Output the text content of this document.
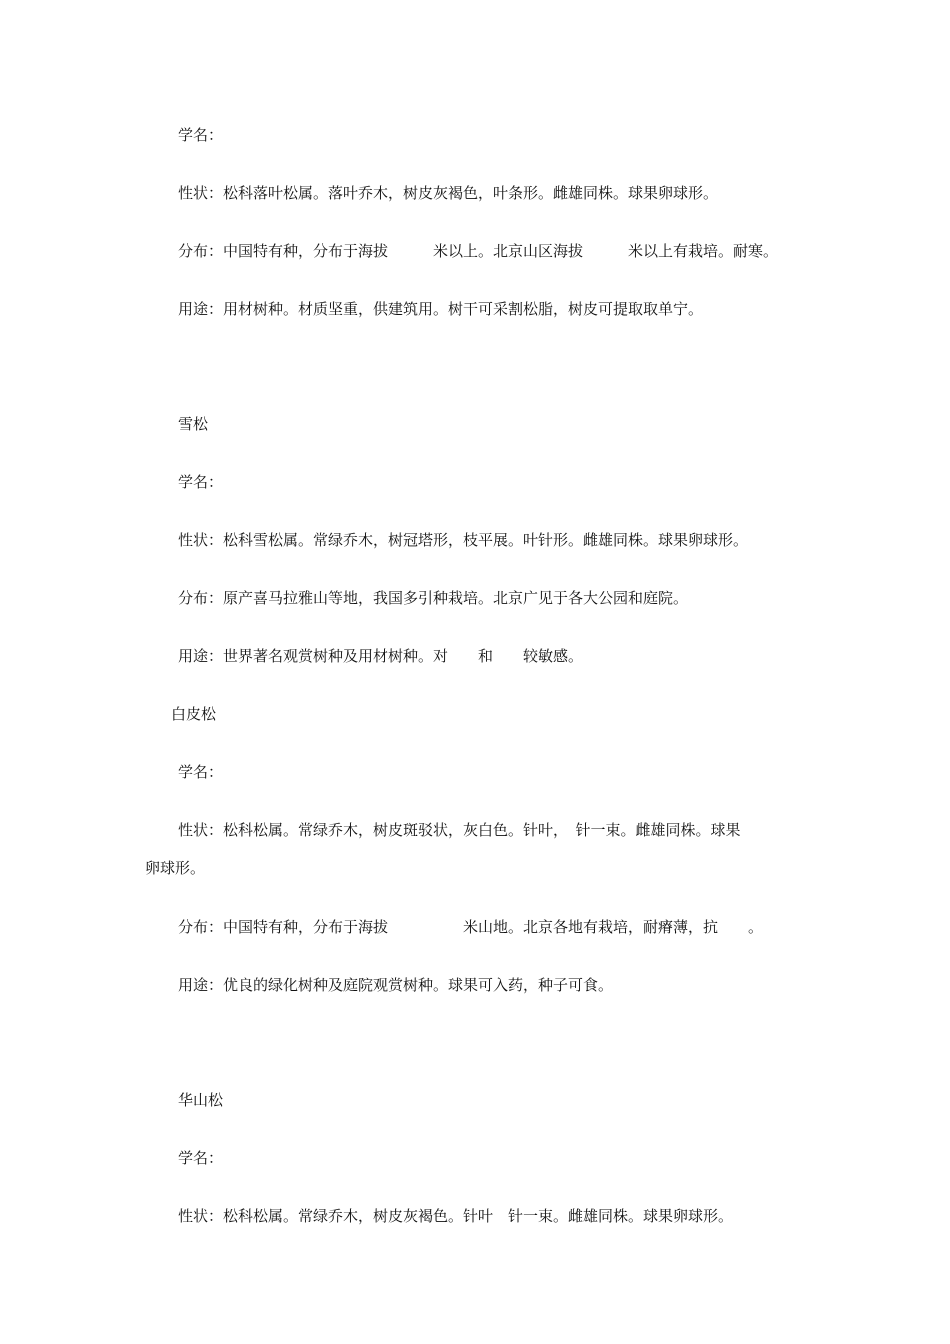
学名：
性状：松科落叶松属。落叶乔木，树皮灰褐色，叶条形。雌雄同株。球果卵球形。
分布：中国特有种，分布于海拔　　　米以上。北京山区海拔　　　米以上有栽培。耐寒。
用途：用材树种。材质坚重，供建筑用。树干可采割松脂，树皮可提取取单宁。
雪松
学名：
性状：松科雪松属。常绿乔木，树冠塔形，枝平展。叶针形。雌雄同株。球果卵球形。
分布：原产喜马拉雅山等地，我国多引种栽培。北京广见于各大公园和庭院。
用途：世界著名观赏树种及用材树种。对　　和　　较敏感。
白皮松
学名：
性状：松科松属。常绿乔木，树皮斑驳状，灰白色。针叶，　针一束。雌雄同株。球果
卵球形。
分布：中国特有种，分布于海拔　　　　　米山地。北京各地有栽培，耐瘠薄，抗　　。
用途：优良的绿化树种及庭院观赏树种。球果可入药，种子可食。
华山松
学名：
性状：松科松属。常绿乔木，树皮灰褐色。针叶　针一束。雌雄同株。球果卵球形。
